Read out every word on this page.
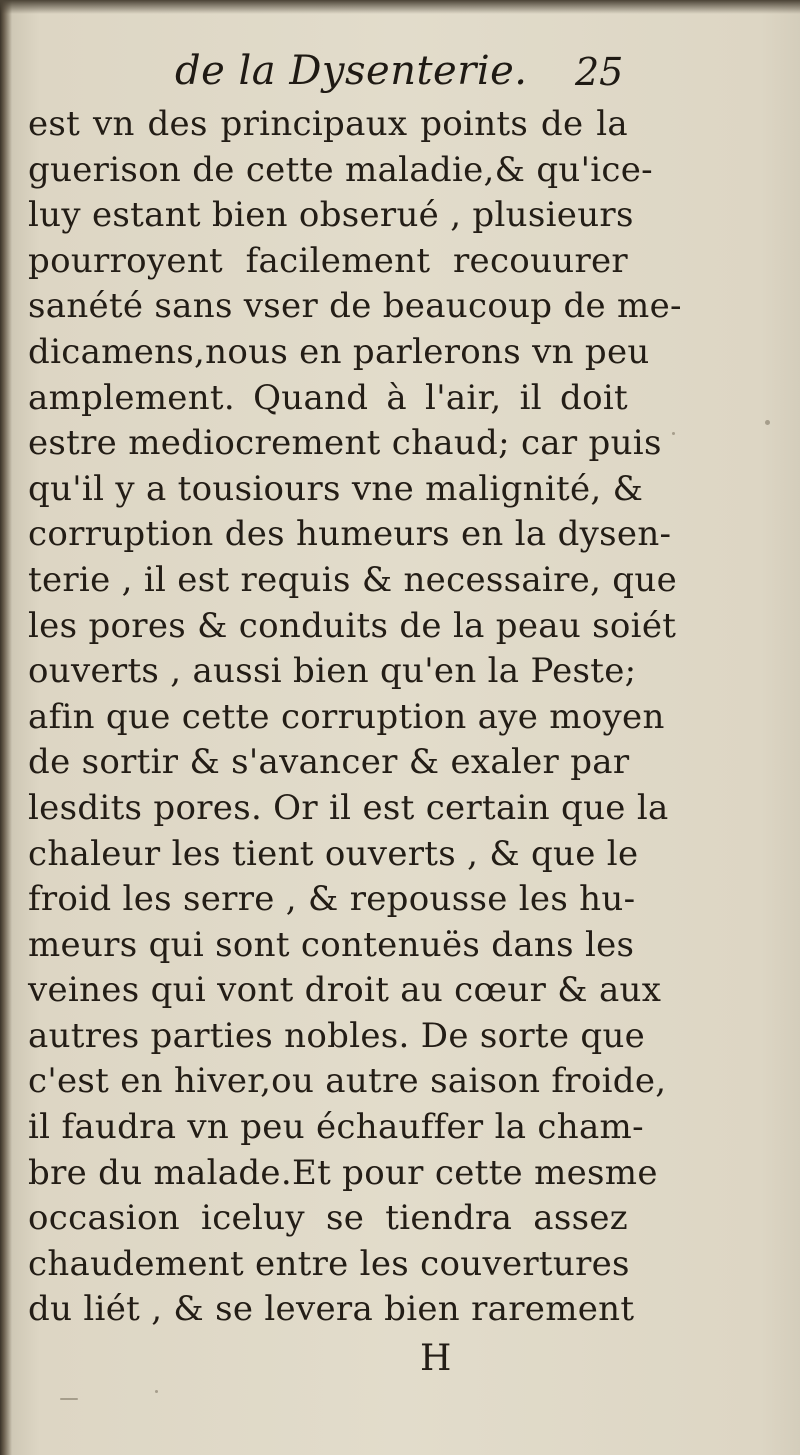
de la Dysenterie. 25
est vn des principaux points de la
guerison de cette maladie,& qu'ice-
luy estant bien obserué , plusieurs
pourroyent facilement recouurer
sanété sans vser de beaucoup de me-
dicamens,nous en parlerons vn peu
amplement. Quand à l'air, il doit
estre mediocrement chaud; car puis
qu'il y a tousiours vne malignité, &
corruption des humeurs en la dysen-
terie , il est requis & necessaire, que
les pores & conduits de la peau soiét
ouverts , aussi bien qu'en la Peste;
afin que cette corruption aye moyen
de sortir & s'avancer & exaler par
lesdits pores. Or il est certain que la
chaleur les tient ouverts , & que le
froid les serre , & repousse les hu-
meurs qui sont contenuës dans les
veines qui vont droit au cœur & aux
autres parties nobles. De sorte que
c'est en hiver,ou autre saison froide,
il faudra vn peu échauffer la cham-
bre du malade.Et pour cette mesme
occasion iceluy se tiendra assez
chaudement entre les couvertures
du liét , & se levera bien rarement
H
